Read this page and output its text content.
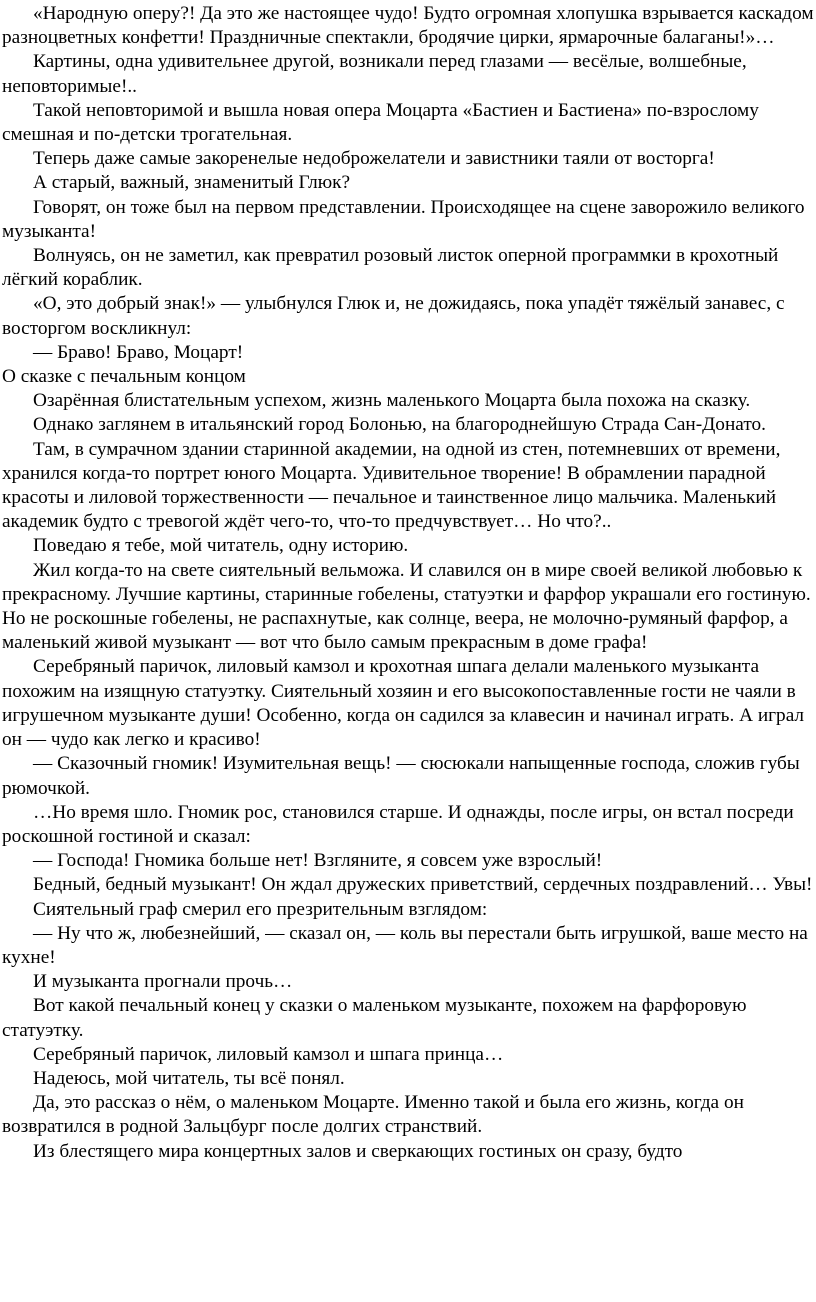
«Народную оперу?! Да это же настоящее чудо! Будто огромная хлопушка взрывается каскадом разноцветных конфетти! Праздничные спектакли, бродячие цирки, ярмарочные балаганы!»…

Картины, одна удивительнее другой, возникали перед глазами — весёлые, волшебные, неповторимые!..

Такой неповторимой и вышла новая опера Моцарта «Бастиен и Бастиена» по-взрослому смешная и по-детски трогательная.

Теперь даже самые закоренелые недоброжелатели и завистники таяли от восторга!

А старый, важный, знаменитый Глюк?

Говорят, он тоже был на первом представлении. Происходящее на сцене заворожило великого музыканта!

Волнуясь, он не заметил, как превратил розовый листок оперной программки в крохотный лёгкий кораблик.

«О, это добрый знак!» — улыбнулся Глюк и, не дожидаясь, пока упадёт тяжёлый занавес, с восторгом воскликнул:

— Браво! Браво, Моцарт!

О сказке с печальным концом

Озарённая блистательным успехом, жизнь маленького Моцарта была похожа на сказку.

Однако заглянем в итальянский город Болонью, на благороднейшую Страда Сан-Донато.

Там, в сумрачном здании старинной академии, на одной из стен, потемневших от времени, хранился когда-то портрет юного Моцарта. Удивительное творение! В обрамлении парадной красоты и лиловой торжественности — печальное и таинственное лицо мальчика. Маленький академик будто с тревогой ждёт чего-то, что-то предчувствует… Но что?..

Поведаю я тебе, мой читатель, одну историю.

Жил когда-то на свете сиятельный вельможа. И славился он в мире своей великой любовью к прекрасному. Лучшие картины, старинные гобелены, статуэтки и фарфор украшали его гостиную. Но не роскошные гобелены, не распахнутые, как солнце, веера, не молочно-румяный фарфор, а маленький живой музыкант — вот что было самым прекрасным в доме графа!

Серебряный паричок, лиловый камзол и крохотная шпага делали маленького музыканта похожим на изящную статуэтку. Сиятельный хозяин и его высокопоставленные гости не чаяли в игрушечном музыканте души! Особенно, когда он садился за клавесин и начинал играть. А играл он — чудо как легко и красиво!

— Сказочный гномик! Изумительная вещь! — сюсюкали напыщенные господа, сложив губы рюмочкой.

…Но время шло. Гномик рос, становился старше. И однажды, после игры, он встал посреди роскошной гостиной и сказал:

— Господа! Гномика больше нет! Взгляните, я совсем уже взрослый!

Бедный, бедный музыкант! Он ждал дружеских приветствий, сердечных поздравлений… Увы!

Сиятельный граф смерил его презрительным взглядом:

— Ну что ж, любезнейший, — сказал он, — коль вы перестали быть игрушкой, ваше место на кухне!

И музыканта прогнали прочь…

Вот какой печальный конец у сказки о маленьком музыканте, похожем на фарфоровую статуэтку.

Серебряный паричок, лиловый камзол и шпага принца…

Надеюсь, мой читатель, ты всё понял.

Да, это рассказ о нём, о маленьком Моцарте. Именно такой и была его жизнь, когда он возвратился в родной Зальцбург после долгих странствий.

Из блестящего мира концертных залов и сверкающих гостиных он сразу, будто
